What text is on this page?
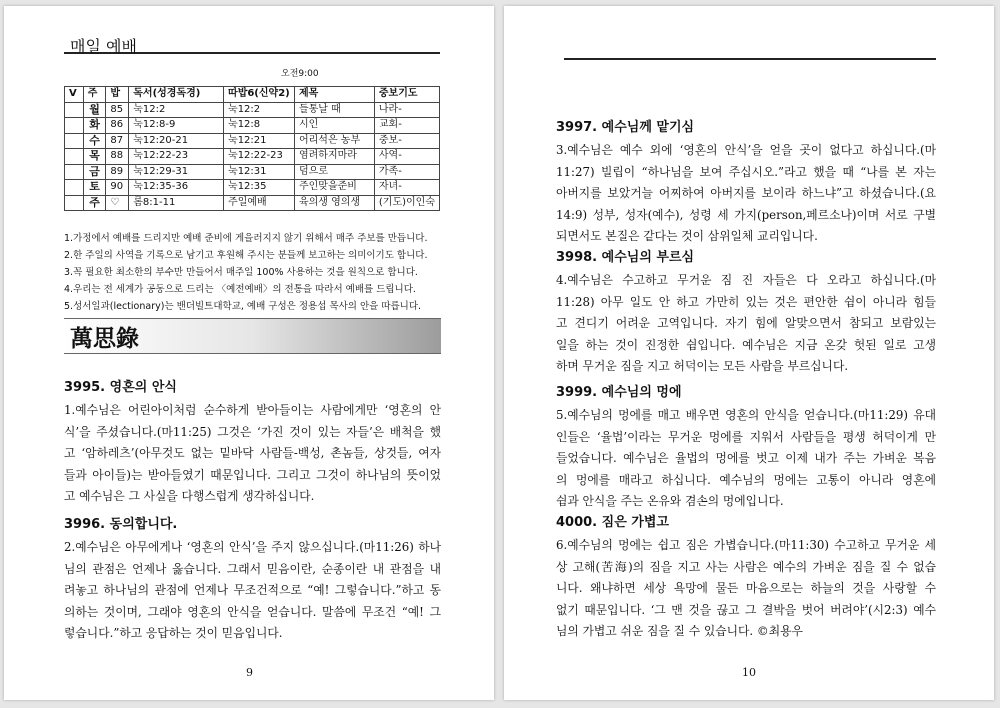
매일 예배
오전9:00
V	주	밥	독서(성경독경)	따밥6(신약2)	제목	중보기도
	월	85	눅12:2	눅12:2	들통날 때	나라-
	화	86	눅12:8-9	눅12:8	시인	교회-
	수	87	눅12:20-21	눅12:21	어리석은 농부	중보-
	목	88	눅12:22-23	눅12:22-23	염려하지마라	사역-
	금	89	눅12:29-31	눅12:31	덤으로	가족-
	토	90	눅12:35-36	눅12:35	주인맞을준비	자녀-
	주	♡	롬8:1-11	주일예배	육의생 영의생	(기도)이인숙
1.가정에서 예배를 드리지만 예배 준비에 게을러지지 않기 위해서 매주 주보를 만듭니다.
2.한 주일의 사역을 기록으로 남기고 후원해 주시는 분들께 보고하는 의미이기도 합니다.
3.꼭 필요한 최소한의 부수만 만들어서 매주일 100% 사용하는 것을 원칙으로 합니다.
4.우리는 전 세계가 공동으로 드리는 〈예전예배〉의 전통을 따라서 예배를 드립니다.
5.성서일과(lectionary)는 밴더빌트대학교, 예배 구성은 정용섭 목사의 안을 따릅니다.
萬思錄
3995. 영혼의 안식
1.예수님은 어린아이처럼 순수하게 받아들이는 사람에게만 ‘영혼의 안
식’을 주셨습니다.(마11:25) 그것은 ‘가진 것이 있는 자들’은 배척을 했
고 ‘암하레츠’(아무것도 없는 밑바닥 사람들-백성, 촌놈들, 상것들, 여자
들과 아이들)는 받아들였기 때문입니다. 그리고 그것이 하나님의 뜻이었
고 예수님은 그 사실을 다행스럽게 생각하십니다.
3996. 동의합니다.
2.예수님은 아무에게나 ‘영혼의 안식’을 주지 않으십니다.(마11:26) 하나
님의 관점은 언제나 옳습니다. 그래서 믿음이란, 순종이란 내 관점을 내
려놓고 하나님의 관점에 언제나 무조건적으로 “예! 그렇습니다.”하고 동
의하는 것이며, 그래야 영혼의 안식을 얻습니다. 말씀에 무조건 “예! 그
렇습니다.”하고 응답하는 것이 믿음입니다.
9
3997. 예수님께 맡기심
3.예수님은 예수 외에 ‘영혼의 안식’을 얻을 곳이 없다고 하십니다.(마
11:27) 빌립이 “하나님을 보여 주십시오.”라고 했을 때 “나를 본 자는
아버지를 보았거늘 어찌하여 아버지를 보이라 하느냐”고 하셨습니다.(요
14:9) 성부, 성자(예수), 성령 세 가지(person,페르소나)이며 서로 구별
되면서도 본질은 같다는 것이 삼위일체 교리입니다.
3998. 예수님의 부르심
4.예수님은 수고하고 무거운 짐 진 자들은 다 오라고 하십니다.(마
11:28) 아무 일도 안 하고 가만히 있는 것은 편안한 쉼이 아니라 힘들
고 견디기 어려운 고역입니다. 자기 힘에 알맞으면서 참되고 보람있는
일을 하는 것이 진정한 쉼입니다. 예수님은 지금 온갖 헛된 일로 고생
하며 무거운 짐을 지고 허덕이는 모든 사람을 부르십니다.
3999. 예수님의 멍에
5.예수님의 멍에를 매고 배우면 영혼의 안식을 얻습니다.(마11:29) 유대
인들은 ‘율법’이라는 무거운 멍에를 지워서 사람들을 평생 허덕이게 만
들었습니다. 예수님은 율법의 멍에를 벗고 이제 내가 주는 가벼운 복음
의 멍에를 매라고 하십니다. 예수님의 멍에는 고통이 아니라 영혼에
쉼과 안식을 주는 온유와 겸손의 멍에입니다.
4000. 짐은 가볍고
6.예수님의 멍에는 쉽고 짐은 가볍습니다.(마11:30) 수고하고 무거운 세
상 고해(苦海)의 짐을 지고 사는 사람은 예수의 가벼운 짐을 질 수 없습
니다. 왜냐하면 세상 욕망에 물든 마음으로는 하늘의 것을 사랑할 수
없기 때문입니다. ‘그 맨 것을 끊고 그 결박을 벗어 버려야’(시2:3) 예수
님의 가볍고 쉬운 짐을 질 수 있습니다. ©최용우
10
